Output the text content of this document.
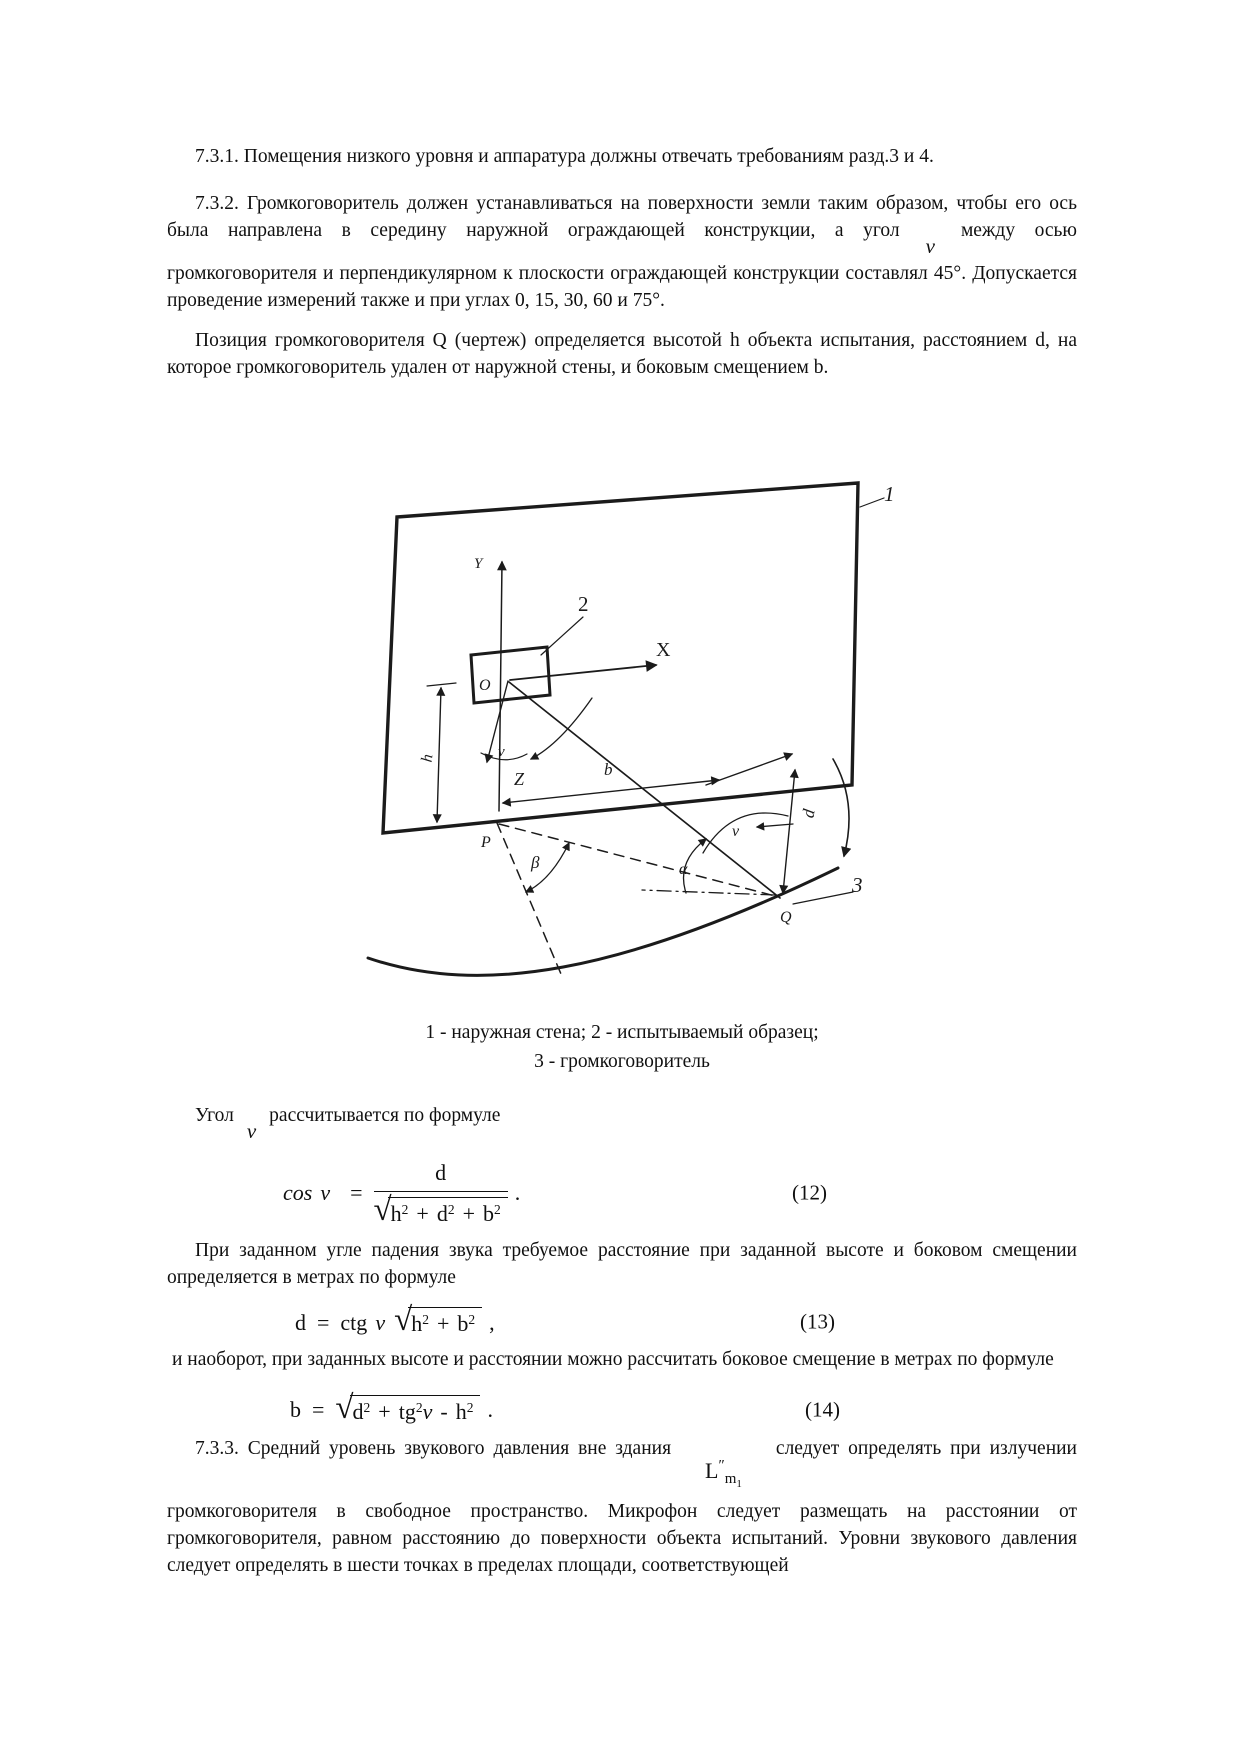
7.3.1. Помещения низкого уровня и аппаратура должны отвечать требованиям разд.3 и 4.

7.3.2. Громкоговоритель должен устанавливаться на поверхности земли таким образом, чтобы его ось была направлена в середину наружной ограждающей конструкции, а уголvмежду осью громкоговорителя и перпендикулярном к плоскости ограждающей конструкции составлял 45°. Допускается проведение измерений также и при углах 0, 15, 30, 60 и 75°.

Позиция громкоговорителя Q (чертеж) определяется высотой h объекта испытания, расстоянием d, на которое громкоговоритель удален от наружной стены, и боковым смещением b.

1
2
3
X
Y
Z
O
P
Q
h
b
d
v
v
α
β
1 - наружная стена; 2 - испытываемый образец;
3 - громкоговоритель

Уголvрассчитывается по формуле

$\cos v = \frac{d}{√ h^2 + d^2 + b^2}$ .	(12)

При заданном угле падения звука требуемое расстояние при заданной высоте и боковом смещении определяется в метрах по формуле

d = ctg v √ $h^2 + b^2$ ,	(13)

и наоборот, при заданных высоте и расстоянии можно рассчитать боковое смещение в метрах по формуле

b = √ $d^2 + tg^2v - h^2$ .	(14)

7.3.3. Средний уровень звукового давления вне зданияL″$_{m_1}$следует определять при излучении громкоговорителя в свободное пространство. Микрофон следует размещать на расстоянии от громкоговорителя, равном расстоянию до поверхности объекта испытаний. Уровни звукового давления следует определять в шести точках в пределах площади, соответствующей
